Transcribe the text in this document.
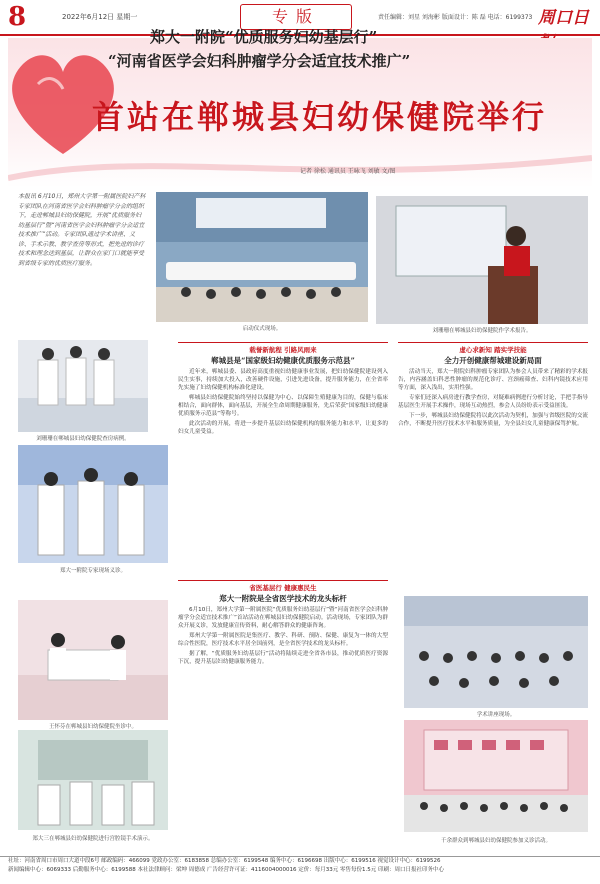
8	2022年6月12日 星期一	专版	责任编辑：刘星 刘海彬 版面设计：陈 磊 电话：6199373 周口日
郑大一附院“优质服务妇幼基层行”
“河南省医学会妇科肿瘤学分会适宜技术推广”
首站在郸城县妇幼保健院举行
记者 徐松 通讯员 王咏飞 刘敏 文/图
本报讯 6月10日，郑州大学第一附属医院妇产科专家团队在河南省医学会妇科肿瘤学分会的组织下，走进郸城县妇幼保健院，开展“优质服务妇幼基层行”暨“河南省医学会妇科肿瘤学分会适宜技术推广”活动。专家团队通过学术讲座、义诊、手术示教、教学查房等形式，把先进的诊疗技术和理念送到基层，让群众在家门口就能享受到省级专家的优质医疗服务。
启动仪式现场。	刘珊珊在郸城县妇幼保健院作学术报告。
刘珊珊在郸城县妇幼保健院查房病例。
郑大一附院专家现场义诊。
王怀芬在郸城县妇幼保健院坐诊中。
郑大三在郸城县妇幼保健院进行宫腔镜手术演示。
载誉新航程 引路风雨来
郸城县是“国家级妇幼健康优质服务示范县”

近年来，郸城县委、县政府高度重视妇幼健康事业发展，把妇幼保健院建设列入民生实事，持续加大投入，改善硬件设施，引进先进设备，提升服务能力，在全省率先实施了妇幼保健机构标准化建设。

郸城县妇幼保健院始终坚持以保健为中心、以保障生殖健康为目的，保健与临床相结合，面向群体，面向基层，开展全生命周期健康服务，先后荣获“国家级妇幼健康优质服务示范县”等称号。

此次活动的开展，将进一步提升基层妇幼保健机构的服务能力和水平，让更多的妇女儿童受益。

省医基层行 健康惠民生
郑大一附院是全省医学技术的龙头标杆

6月10日，郑州大学第一附属医院“优质服务妇幼基层行”暨“河南省医学会妇科肿瘤学分会适宜技术推广”首站活动在郸城县妇幼保健院启动。活动现场，专家团队为群众开展义诊，发放健康宣传资料，耐心解答群众的健康咨询。

郑州大学第一附属医院是集医疗、教学、科研、预防、保健、康复为一体的大型综合性医院，医疗技术水平居全国前列，是全省医学技术的龙头标杆。

据了解，“优质服务妇幼基层行”活动将陆续走进全省各市县，推动优质医疗资源下沉，提升基层妇幼健康服务能力。

虚心求新知 踏实学技能
全力开创健康帮城建设新局面

活动当天，郑大一附院妇科肿瘤专家团队为参会人员带来了精彩的学术报告，内容涵盖妇科恶性肿瘤的规范化诊疗、宫颈癌筛查、妇科内镜技术应用等方面，深入浅出，实用性强。

专家们还深入病房进行教学查房，对疑难病例进行分析讨论，手把手指导基层医生开展手术操作，现场互动热烈，参会人员纷纷表示受益匪浅。

下一步，郸城县妇幼保健院将以此次活动为契机，加强与省级医院的交流合作，不断提升医疗技术水平和服务质量，为全县妇女儿童健康保驾护航。

学术讲座现场。
千余群众到郸城县妇幼保健院参加义诊活动。
社址：河南省周口市周口大道中段6号 邮政编码：466099 党政办公室：6183858 总编办公室：6199548 编务中心：6196698 出版中心：6199516 视觉设计中心：6199526
新闻编辑中心：6069333 后勤服务中心：6199588 本社法律顾问：梁坤 周德成 广告经营许可证：4116004000016 定价：每月33元 零售每份1.5元 印刷：周口日报社印务中心
